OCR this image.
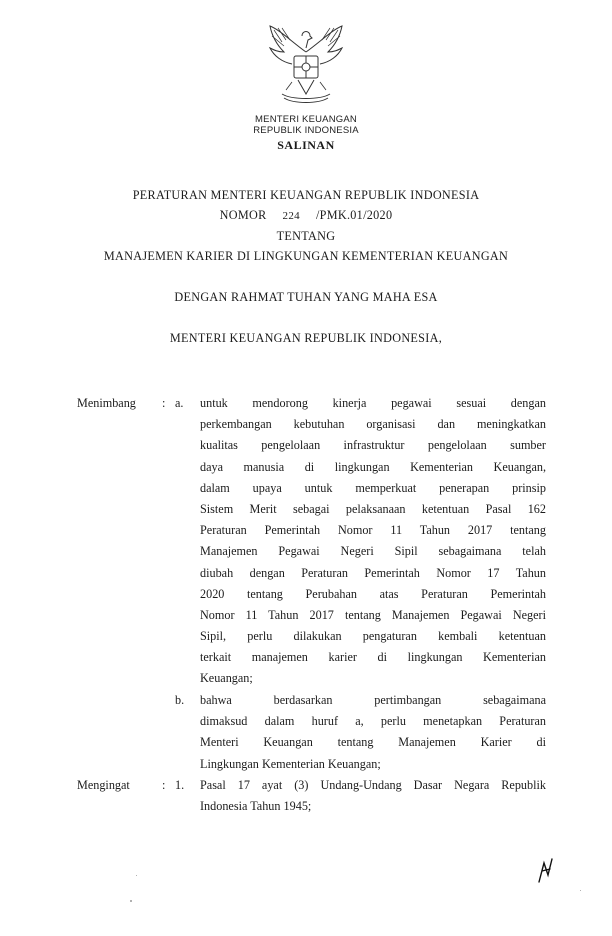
MENTERI KEUANGAN
REPUBLIK INDONESIA
SALINAN
PERATURAN MENTERI KEUANGAN REPUBLIK INDONESIA
NOMOR 224 /PMK.01/2020
TENTANG
MANAJEMEN KARIER DI LINGKUNGAN KEMENTERIAN KEUANGAN
DENGAN RAHMAT TUHAN YANG MAHA ESA
MENTERI KEUANGAN REPUBLIK INDONESIA,
Menimbang : a. untuk mendorong kinerja pegawai sesuai dengan
perkembangan kebutuhan organisasi dan meningkatkan
kualitas pengelolaan infrastruktur pengelolaan sumber
daya manusia di lingkungan Kementerian Keuangan,
dalam upaya untuk memperkuat penerapan prinsip
Sistem Merit sebagai pelaksanaan ketentuan Pasal 162
Peraturan Pemerintah Nomor 11 Tahun 2017 tentang
Manajemen Pegawai Negeri Sipil sebagaimana telah
diubah dengan Peraturan Pemerintah Nomor 17 Tahun
2020 tentang Perubahan atas Peraturan Pemerintah
Nomor 11 Tahun 2017 tentang Manajemen Pegawai Negeri
Sipil, perlu dilakukan pengaturan kembali ketentuan
terkait manajemen karier di lingkungan Kementerian
Keuangan;
b. bahwa berdasarkan pertimbangan sebagaimana
dimaksud dalam huruf a, perlu menetapkan Peraturan
Menteri Keuangan tentang Manajemen Karier di
Lingkungan Kementerian Keuangan;
Mengingat	: 1. Pasal 17 ayat (3) Undang-Undang Dasar Negara Republik
Indonesia Tahun 1945;
